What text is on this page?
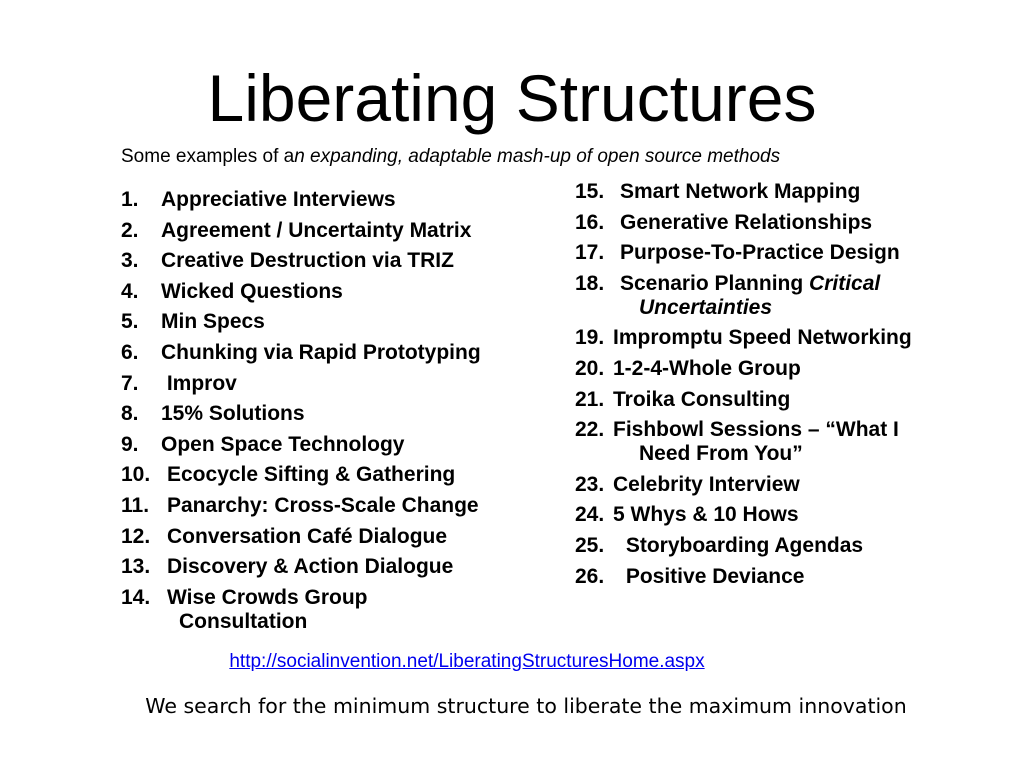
Liberating Structures
Some examples of an expanding, adaptable mash-up of open source methods
1.	Appreciative Interviews
2.	Agreement / Uncertainty Matrix
3.	Creative Destruction via TRIZ
4.	Wicked Questions
5.	Min Specs
6.	Chunking via Rapid Prototyping
7.	Improv
8.	15% Solutions
9.	Open Space Technology
10. Ecocycle Sifting & Gathering
11. Panarchy: Cross-Scale Change
12. Conversation Café Dialogue
13. Discovery & Action Dialogue
14. Wise Crowds Group
Consultation
15. Smart Network Mapping
16. Generative Relationships
17. Purpose-To-Practice Design
18. Scenario Planning Critical
Uncertainties
19. Impromptu Speed Networking
20. 1-2-4-Whole Group
21. Troika Consulting
22. Fishbowl Sessions – “What I
Need From You”
23. Celebrity Interview
24. 5 Whys & 10 Hows
25. Storyboarding Agendas
26. Positive Deviance
http://socialinvention.net/LiberatingStructuresHome.aspx
We search for the minimum structure to liberate the maximum innovation
